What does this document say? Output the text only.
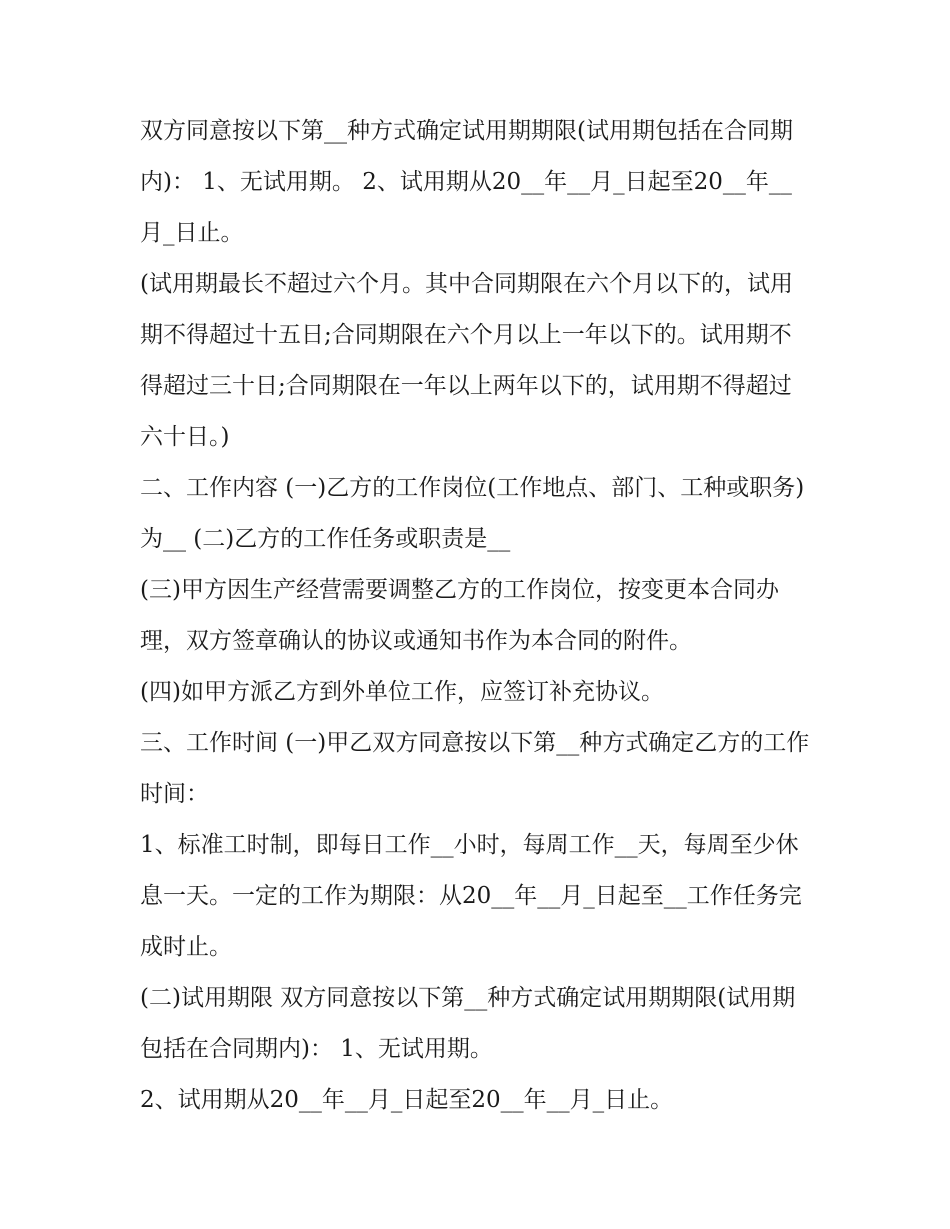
双方同意按以下第__种方式确定试用期期限(试用期包括在合同期内)： 1、无试用期。 2、试用期从20__年__月_日起至20__年__月_日止。

(试用期最长不超过六个月。其中合同期限在六个月以下的，试用期不得超过十五日;合同期限在六个月以上一年以下的。试用期不得超过三十日;合同期限在一年以上两年以下的，试用期不得超过六十日。)

二、工作内容 (一)乙方的工作岗位(工作地点、部门、工种或职务)为__ (二)乙方的工作任务或职责是__

(三)甲方因生产经营需要调整乙方的工作岗位，按变更本合同办理，双方签章确认的协议或通知书作为本合同的附件。

(四)如甲方派乙方到外单位工作，应签订补充协议。

三、工作时间 (一)甲乙双方同意按以下第__种方式确定乙方的工作时间：

1、标准工时制，即每日工作__小时，每周工作__天，每周至少休息一天。一定的工作为期限：从20__年__月_日起至__工作任务完成时止。

(二)试用期限 双方同意按以下第__种方式确定试用期期限(试用期包括在合同期内)： 1、无试用期。

2、试用期从20__年__月_日起至20__年__月_日止。
